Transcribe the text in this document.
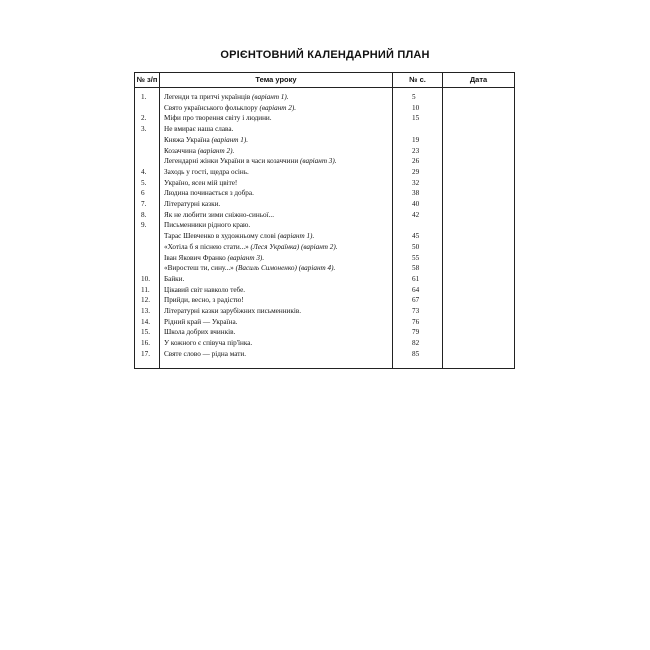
ОРІЄНТОВНИЙ КАЛЕНДАРНИЙ ПЛАН
№ з/п	Тема уроку	№ с.	Дата
1.	Легенди та притчі українців (варіант 1).	5	
	Свято українського фольклору (варіант 2).	10	
2.	Міфи про творення світу і людини.	15	
3.	Не вмирає наша слава.		
	Княжа Україна (варіант 1).	19	
	Козаччина (варіант 2).	23	
	Легендарні жінки України в часи козаччини (варіант 3).	26	
4.	Заходь у гості, щедра осінь.	29	
5.	Україно, ясен мій цвіте!	32	
6	Людина починається з добра.	38	
7.	Літературні казки.	40	
8.	Як не любити зими сніжно-синьої...	42	
9.	Письменники рідного краю.		
	Тарас Шевченко в художньому слові (варіант 1).	45	
	«Хотіла б я піснею стати...» (Леся Українка) (варіант 2).	50	
	Іван Якович Франко (варіант 3).	55	
	«Виростеш ти, сину...» (Василь Симоненко) (варіант 4).	58	
10.	Байки.	61	
11.	Цікавий світ навколо тебе.	64	
12.	Прийди, весно, з радістю!	67	
13.	Літературні казки зарубіжних письменників.	73	
14.	Рідний край — Україна.	76	
15.	Школа добрих вчинків.	79	
16.	У кожного є співуча пір'їнка.	82	
17.	Святе слово — рідна мати.	85	
